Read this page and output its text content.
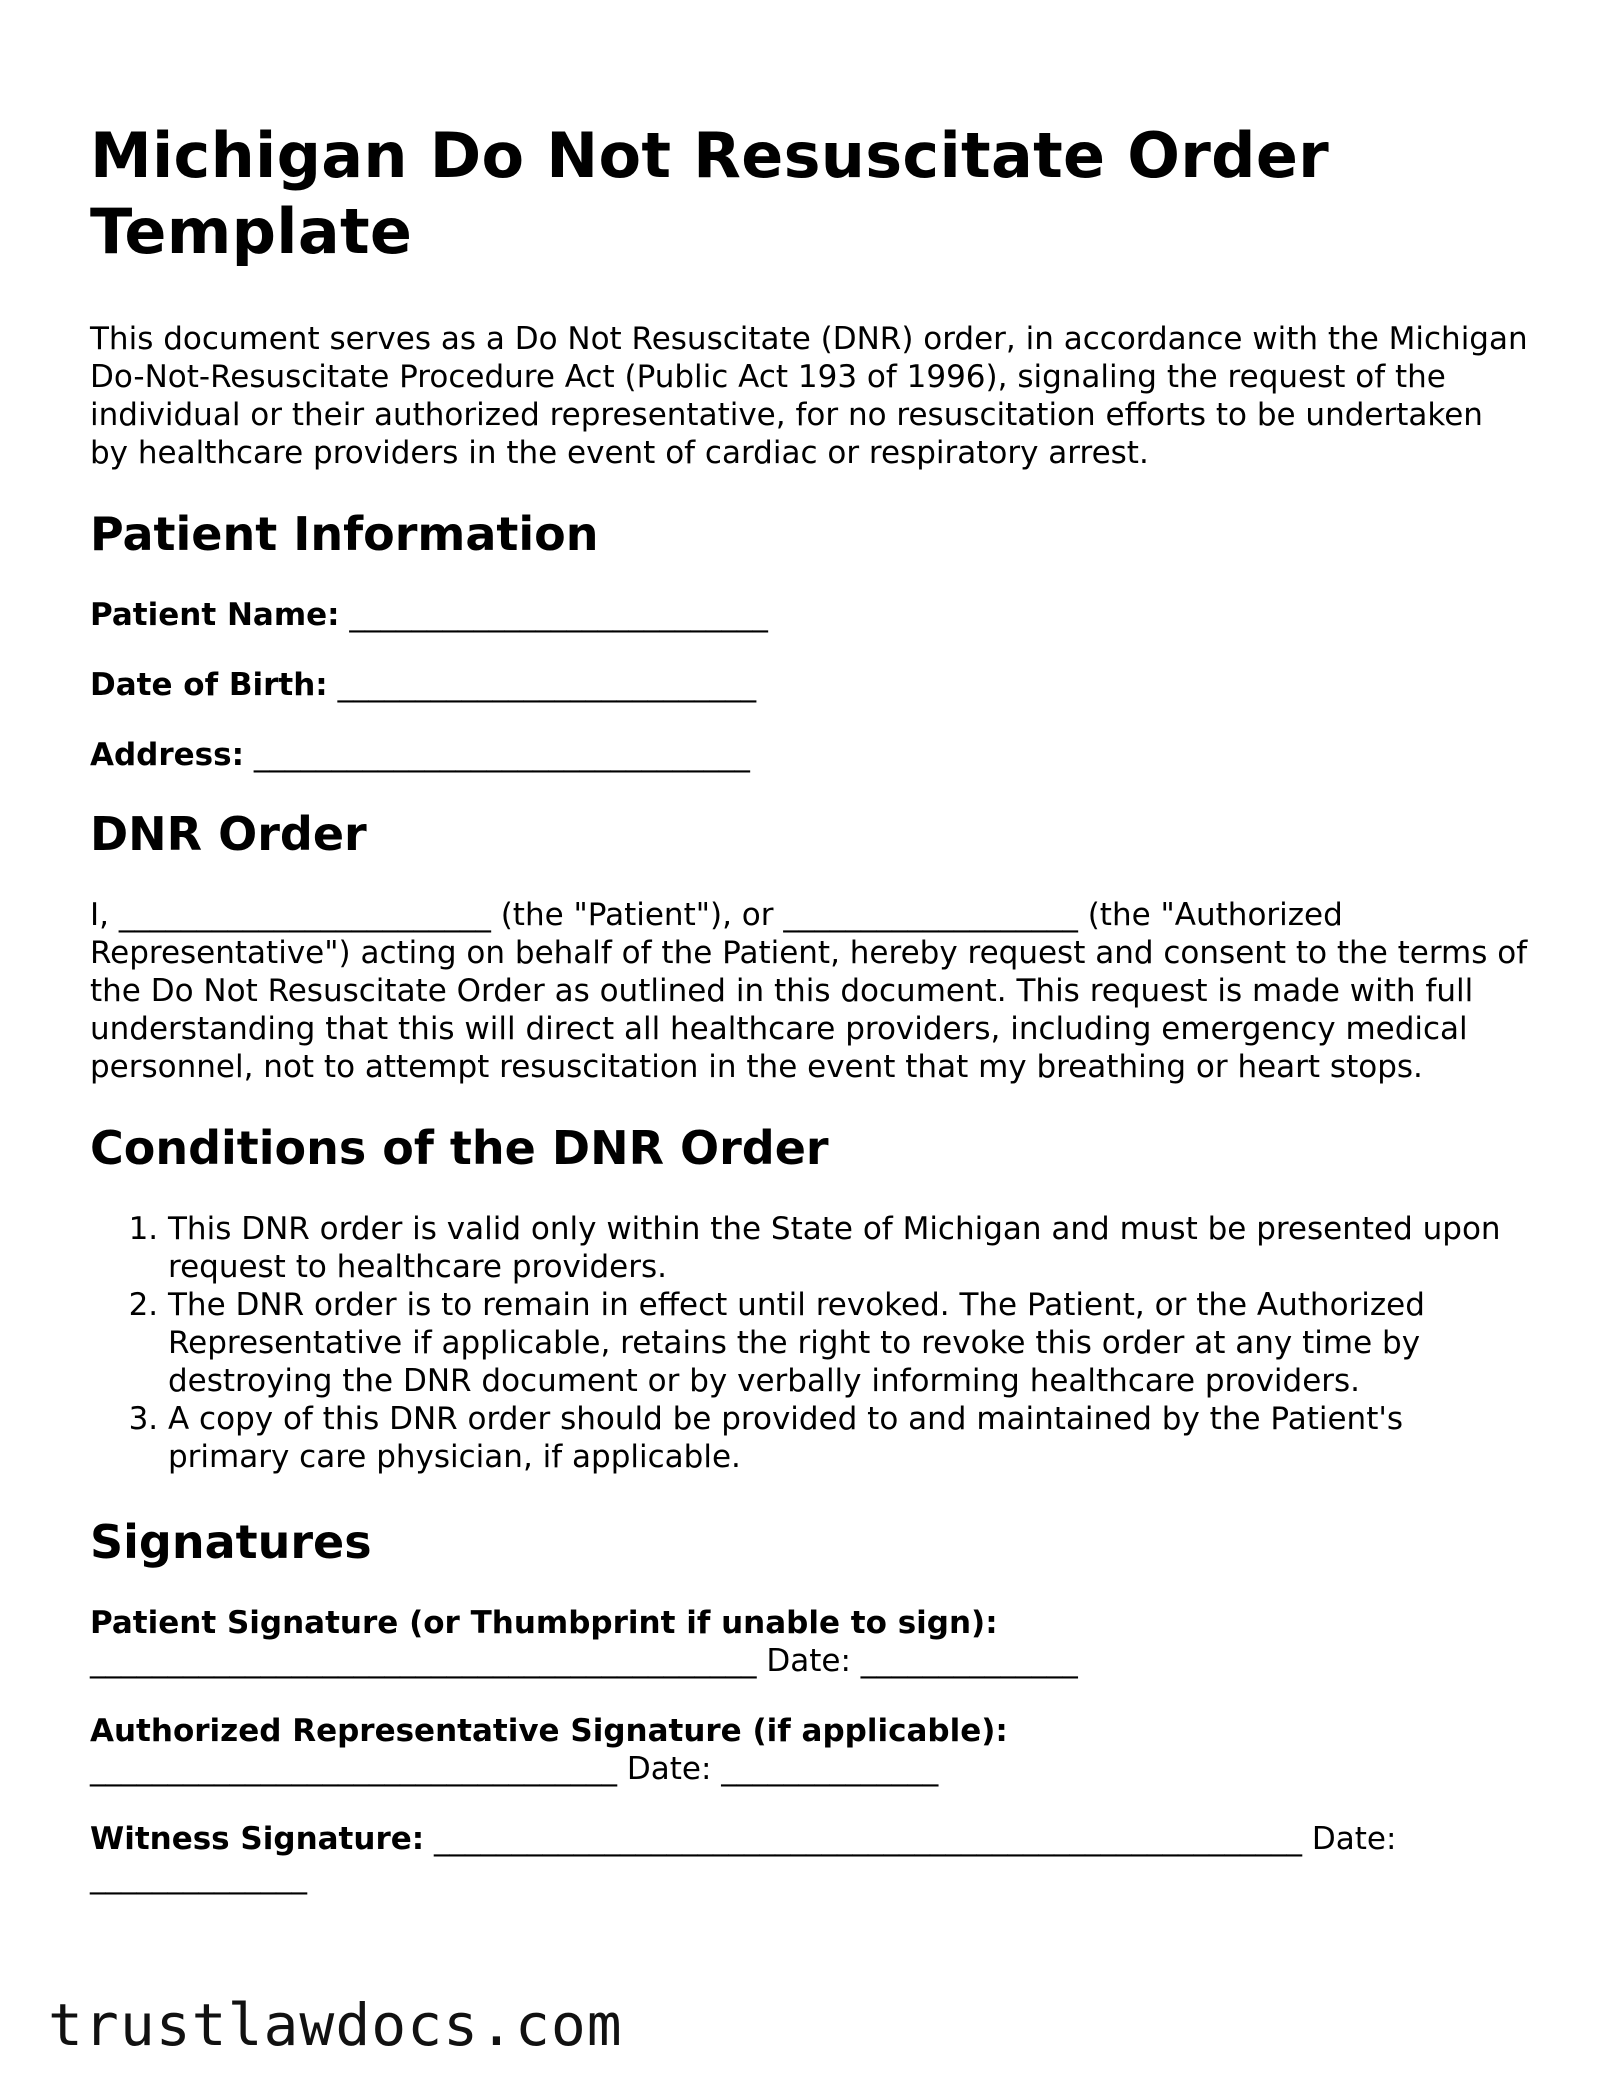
Michigan Do Not Resuscitate Order Template

This document serves as a Do Not Resuscitate (DNR) order, in accordance with the Michigan Do-Not-Resuscitate Procedure Act (Public Act 193 of 1996), signaling the request of the individual or their authorized representative, for no resuscitation efforts to be undertaken by healthcare providers in the event of cardiac or respiratory arrest.

Patient Information
Patient Name: ___________________________
Date of Birth: ___________________________
Address: ________________________________
DNR Order

I, ________________________ (the "Patient"), or ___________________ (the "Authorized Representative") acting on behalf of the Patient, hereby request and consent to the terms of the Do Not Resuscitate Order as outlined in this document. This request is made with full understanding that this will direct all healthcare providers, including emergency medical personnel, not to attempt resuscitation in the event that my breathing or heart stops.

Conditions of the DNR Order
1. This DNR order is valid only within the State of Michigan and must be presented upon request to healthcare providers.
2. The DNR order is to remain in effect until revoked. The Patient, or the Authorized Representative if applicable, retains the right to revoke this order at any time by destroying the DNR document or by verbally informing healthcare providers.
3. A copy of this DNR order should be provided to and maintained by the Patient's primary care physician, if applicable.
Signatures
Patient Signature (or Thumbprint if unable to sign):
___________________________________________ Date: ______________
Authorized Representative Signature (if applicable):
__________________________________ Date: ______________
Witness Signature: ________________________________________________________ Date: ______________
trustlawdocs.com
